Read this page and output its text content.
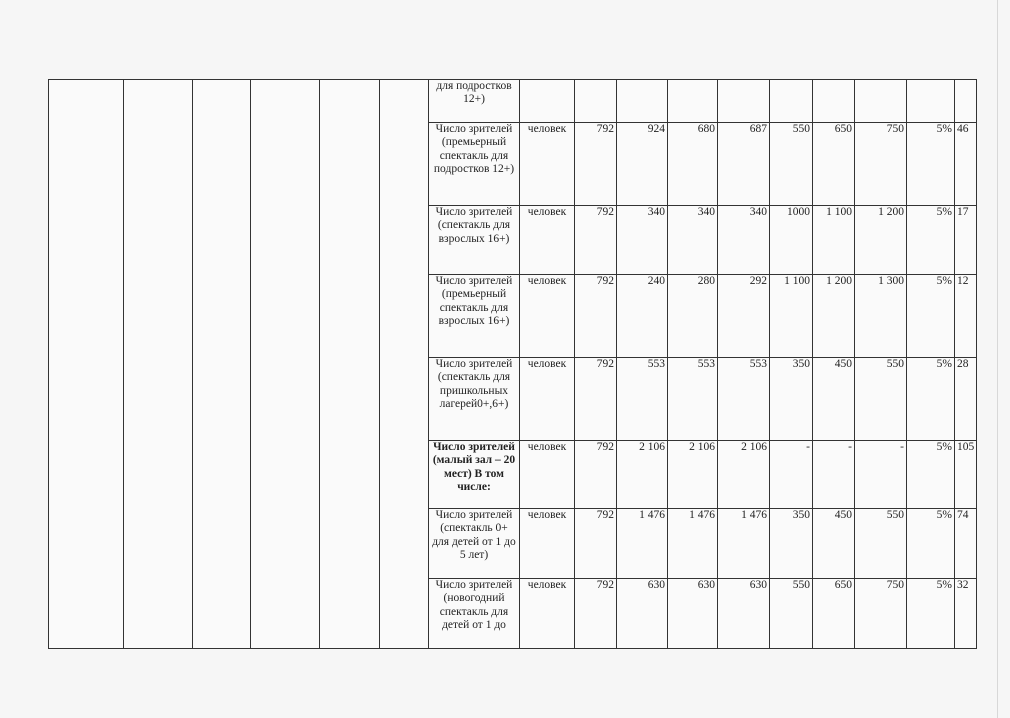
						для подростков 12+)										
						Число зрителей (премьерный спектакль для подростков 12+)	человек	792	924	680	687	550	650	750	5%	46
						Число зрителей (спектакль для взрослых 16+)	человек	792	340	340	340	1000	1 100	1 200	5%	17
						Число зрителей (премьерный спектакль для взрослых 16+)	человек	792	240	280	292	1 100	1 200	1 300	5%	12
						Число зрителей (спектакль для пришкольных лагерей0+,6+)	человек	792	553	553	553	350	450	550	5%	28
						Число зрителей (малый зал – 20 мест) В том числе:	человек	792	2 106	2 106	2 106	-	-	-	5%	105
						Число зрителей (спектакль 0+ для детей от 1 до 5 лет)	человек	792	1 476	1 476	1 476	350	450	550	5%	74
						Число зрителей (новогодний спектакль для детей от 1 до	человек	792	630	630	630	550	650	750	5%	32
